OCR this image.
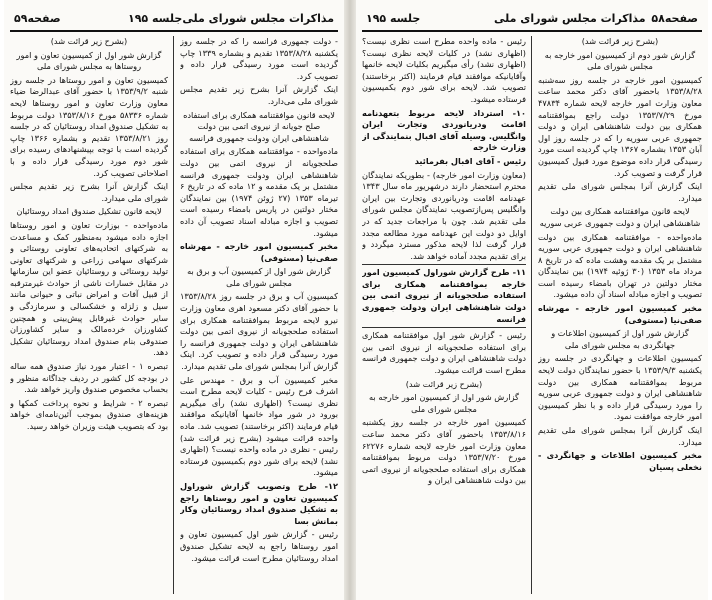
صفحه۵۹	جلسه ۱۹۵ مذاکرات مجلس شورای ملی

- دولت جمهوری فرانسه را که در جلسه روز یکشنبه ۱۳۵۳/۸/۲۸ تقدیم و بشماره ۱۳۳۹ چاپ گردیده است مورد رسیدگی قرار داده و تصویب کرد.

اینک گزارش آنرا بشرح زیر تقدیم مجلس شورای ملی می‌دارد.

لایحه قانون موافقتنامه همکاری برای استفاده صلح جویانه از نیروی اتمی بین دولت شاهنشاهی ایران ودولت جمهوری فرانسه

ماده‌واحده - موافقتنامه همکاری برای استفاده صلحجویانه از نیروی اتمی بین دولت شاهنشاهی ایران ودولت جمهوری فرانسه مشتمل بر یک مقدمه و ۱۲ ماده که در تاریخ ۶ تیرماه ۱۳۵۳ (۲۷ ژوئن ۱۹۷۴) بین نمایندگان مختار دولتین در پاریس بامضاء رسیده است تصویب و اجازه مبادله اسناد تصویب آن داده میشود.

مخبر کمیسیون امور خارجه - مهرشاه صفی‌نیا (مستوفی)

گزارش شور اول از کمیسیون آب و برق به مجلس شورای ملی

کمیسیون آب و برق در جلسه روز ۱۳۵۳/۸/۲۸ با حضور آقای دکتر مسعود اهری معاون وزارت نیرو لایحه مربوط بموافقتنامه همکاری برای استفاده صلحجویانه از نیروی اتمی بین دولت شاهنشاهی ایران و دولت جمهوری فرانسه را مورد رسیدگی قرار داده و تصویب کرد. اینک گزارش آنرا بمجلس شورای ملی تقدیم میدارد.

مخبر کمیسیون آب و برق - مهندس علی اشرف فرح رئیس - کلیات لایحه مطرح است نظری نیست؟ (اظهاری نشد) رأی میگیریم بورود در شور مواد خانمها آقایانیکه موافقند قیام فرمایند (اکثر برخاستند) تصویب شد. ماده واحده قرائت میشود (بشرح زیر قرائت شد) رئیس - نظری در ماده واحده نیست؟ (اظهاری نشد) لایحه برای شور دوم بکمیسیون فرستاده میشود.

۱۲- طرح وتصویب گزارش شوراول کمیسیون تعاون و امور روستاها راجع به تشکیل صندوق امداد روستائیان وکار بمانش بسا

رئیس - گزارش شور اول کمیسیون تعاون و امور روستاها راجع به لایحه تشکیل صندوق امداد روستائیان مطرح است قرائت میشود.

(بشرح زیر قرائت شد)

گزارش شور اول از کمیسیون تعاون و امور روستاها به مجلس شورای ملی

کمیسیون تعاون و امور روستاها در جلسه روز شنبه ۱۳۵۳/۹/۲ با حضور آقای عبدالرضا ضیاء معاون وزارت تعاون و امور روستاها لایحه شماره ۵۸۳۳۶ مورخ ۱۳۵۳/۸/۱۶ دولت مربوط به تشکیل صندوق امداد روستائیان که در جلسه روز ۱۳۵۳/۸/۲۱ تقدیم و بشماره ۱۳۶۶ چاپ گردیده است با توجه بپیشنهادهای رسیده برای شور دوم مورد رسیدگی قرار داده و با اصلاحاتی تصویب کرد.

اینک گزارش آنرا بشرح زیر تقدیم مجلس شورای ملی میدارد.

لایحه قانون تشکیل صندوق امداد روستائیان

ماده‌واحده - بوزارت تعاون و امور روستاها اجازه داده میشود به‌منظور کمک و مساعدت به شرکتهای اتحادیه‌های تعاونی روستائی و شرکتهای سهامی زراعی و شرکتهای تعاونی تولید روستائی و روستائیان عضو این سازمانها در مقابل خسارات ناشی از حوادث غیرمترقبه از قبیل آفات و امراض نباتی و حیوانی مانند سیل و زلزله و خشکسالی و سرمازدگی و سایر حوادث غیرقابل پیش‌بینی و همچنین کشاورزان خرده‌مالک و سایر کشاورزان صندوقی بنام صندوق امداد روستائیان تشکیل دهد.

تبصره ۱ - اعتبار مورد نیاز صندوق همه ساله در بودجه کل کشور در ردیف جداگانه منظور و بحساب مخصوص صندوق واریز خواهد شد.

تبصره ۲ - شرایط و نحوه پرداخت کمکها و هزینه‌های صندوق بموجب آئین‌نامه‌ای خواهد بود که بتصویب هیئت وزیران خواهد رسید.

جلسه ۱۹۵	مذاکرات مجلس شورای ملی صفحه۵۸

(بشرح زیر قرائت شد)

گزارش شور دوم از کمیسیون امور خارجه به مجلس شورای ملی

کمیسیون امور خارجه در جلسه روز سه‌شنبه ۱۳۵۳/۸/۲۸ باحضور آقای دکتر محمد ساعت معاون وزارت امور خارجه لایحه شماره ۴۷۸۳۴ مورخ ۱۳۵۳/۷/۲۹ دولت راجع بموافقتنامه همکاری بین دولت شاهنشاهی ایران و دولت جمهوری عربی سوریه را که در جلسه روز اول آبان ۱۳۵۳ بشماره ۱۳۶۷ چاپ گردیده است مورد رسیدگی قرار داده موضوع مورد قبول کمیسیون قرار گرفت و تصویب کرد.

اینک گزارش آنرا بمجلس شورای ملی تقدیم میدارد.

لایحه قانون موافقتنامه همکاری بین دولت شاهنشاهی ایران و دولت جمهوری عربی سوریه

ماده‌واحده - موافقتنامه همکاری بین دولت شاهنشاهی ایران و دولت جمهوری عربی سوریه مشتمل بر یک مقدمه وهشت ماده که در تاریخ ۸ مرداد ماه ۱۳۵۳ (۳۰ ژوئیه ۱۹۷۴) بین نمایندگان مختار دولتین در تهران بامضاء رسیده است تصویب و اجازه مبادله اسناد آن داده میشود.

مخبر کمیسیون امور خارجه - مهرشاه صفی‌نیا (مستوفی)

گزارش شور اول از کمیسیون اطلاعات و جهانگردی به مجلس شورای ملی

کمیسیون اطلاعات و جهانگردی در جلسه روز یکشنبه ۱۳۵۳/۹/۳ با حضور نمایندگان دولت لایحه مربوط بموافقتنامه همکاری بین دولت شاهنشاهی ایران و دولت جمهوری عربی سوریه را مورد رسیدگی قرار داده و با نظر کمیسیون امور خارجه موافقت نمود.

اینک گزارش آنرا بمجلس شورای ملی تقدیم میدارد.

مخبر کمیسیون اطلاعات و جهانگردی - نخعلی پسیان

رئیس - ماده واحده مطرح است نظری نیست؟ (اظهاری نشد) در کلیات لایحه نظری نیست؟ (اظهاری نشد) رأی میگیریم بکلیات لایحه خانمها وآقایانیکه موافقند قیام فرمایند (اکثر برخاستند) تصویب شد. لایحه برای شور دوم بکمیسیون فرستاده میشود.

۱۰- استرداد لایحه مربوط بتعهدنامه اقامت ودریانوردی وتجارت ایران وانگلیس. وسیله آقای اقبال بنمایندگی از وزارت خارجه

رئیس - آقای اقبال بفرمائید

(معاون وزارت امور خارجه) - بطوریکه نمایندگان محترم استحضار دارند درشهریور ماه سال ۱۳۴۳ عهدنامه اقامت ودریانوردی وتجارت بین ایران وانگلیس پس‌ازتصویب نمایندگان مجلس شورای ملی تقدیم شد. چون با مراجعات جدید که در اوایل دو دولت این عهدنامه مورد مطالعه مجدد قرار گرفت لذا لایحه مذکور مسترد میگردد و برای تقدیم مجدد آماده خواهد شد.

۱۱- طرح گزارش شوراول کمیسیون امور خارجه بموافقتنامه همکاری برای استفاده صلحجویانه از نیروی اتمی بین دولت شاهنشاهی ایران ودولت جمهوری فرانسه

رئیس - گزارش شور اول موافقتنامه همکاری برای استفاده صلحجویانه از نیروی اتمی بین دولت شاهنشاهی ایران و دولت جمهوری فرانسه مطرح است قرائت میشود.

(بشرح زیر قرائت شد)

گزارش شور اول از کمیسیون امور خارجه به مجلس شورای ملی

کمیسیون امور خارجه در جلسه روز یکشنبه ۱۳۵۳/۸/۱۶ باحضور آقای دکتر محمد ساعت معاون وزارت امور خارجه لایحه شماره ۶۲۲۷۶ مورخ ۱۳۵۳/۷/۲۰ دولت مربوط بموافقتنامه همکاری برای استفاده صلحجویانه از نیروی اتمی بین دولت شاهنشاهی ایران و
